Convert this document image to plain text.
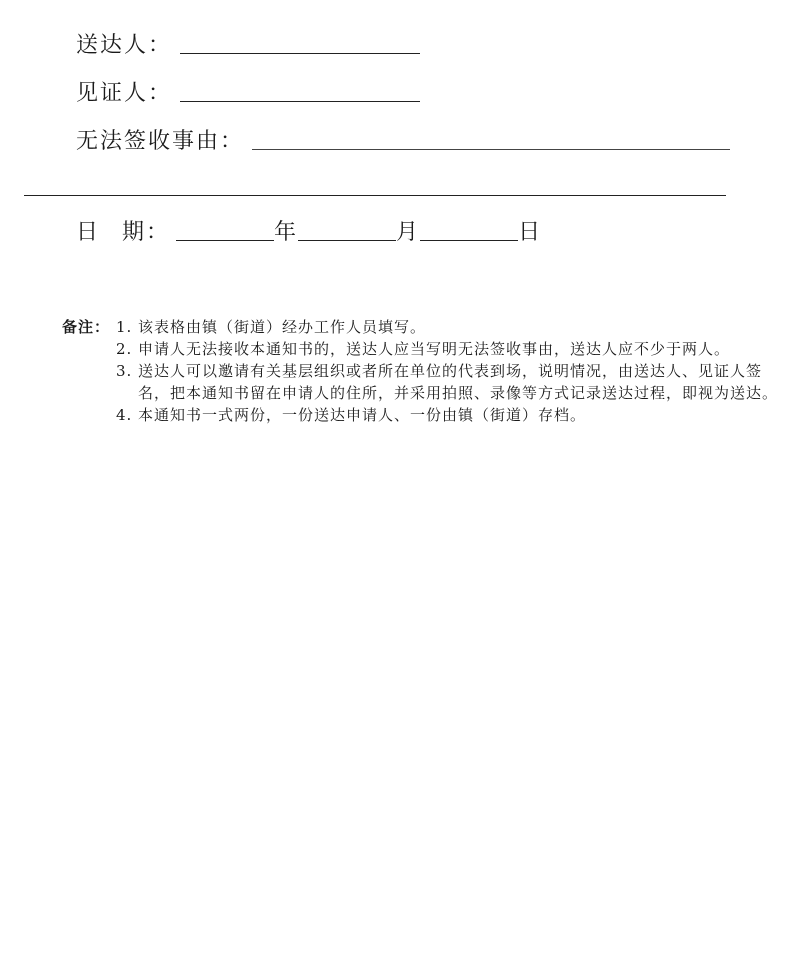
送达人：
见证人：
无法签收事由：
日 期：	年	月	日
备注： 1. 该表格由镇（街道）经办工作人员填写。
2. 申请人无法接收本通知书的，送达人应当写明无法签收事由，送达人应不少于两人。
3. 送达人可以邀请有关基层组织或者所在单位的代表到场，说明情况，由送达人、见证人签名，把本通知书留在申请人的住所，并采用拍照、录像等方式记录送达过程，即视为送达。
4. 本通知书一式两份，一份送达申请人、一份由镇（街道）存档。
